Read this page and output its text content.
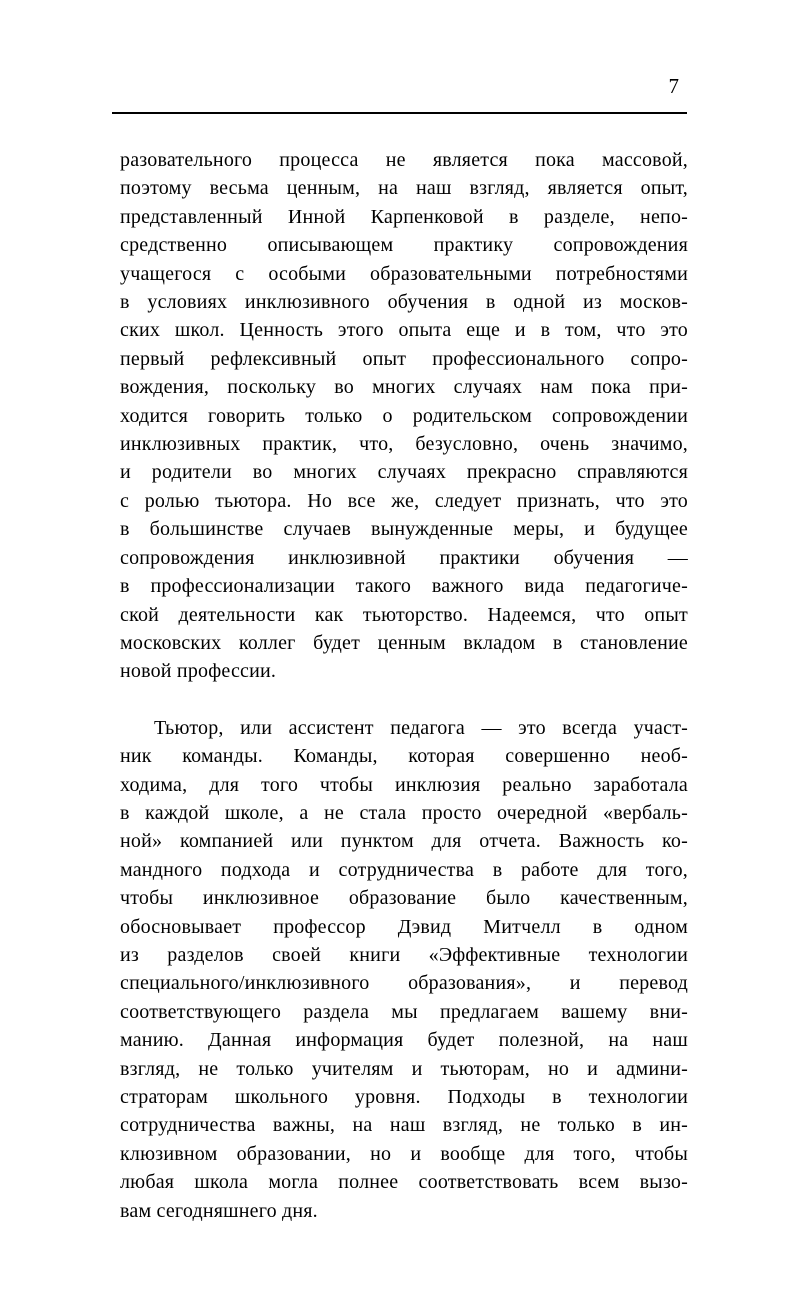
7
разовательного процесса не является пока массовой,
поэтому весьма ценным, на наш взгляд, является опыт,
представленный Инной Карпенковой в разделе, непо-
средственно описывающем практику сопровождения
учащегося с особыми образовательными потребностями
в условиях инклюзивного обучения в одной из москов-
ских школ. Ценность этого опыта еще и в том, что это
первый рефлексивный опыт профессионального сопро-
вождения, поскольку во многих случаях нам пока при-
ходится говорить только о родительском сопровождении
инклюзивных практик, что, безусловно, очень значимо,
и родители во многих случаях прекрасно справляются
с ролью тьютора. Но все же, следует признать, что это
в большинстве случаев вынужденные меры, и будущее
сопровождения инклюзивной практики обучения —
в профессионализации такого важного вида педагогиче-
ской деятельности как тьюторство. Надеемся, что опыт
московских коллег будет ценным вкладом в становление
новой профессии.
Тьютор, или ассистент педагога — это всегда участ-
ник команды. Команды, которая совершенно необ-
ходима, для того чтобы инклюзия реально заработала
в каждой школе, а не стала просто очередной «вербаль-
ной» компанией или пунктом для отчета. Важность ко-
мандного подхода и сотрудничества в работе для того,
чтобы инклюзивное образование было качественным,
обосновывает профессор Дэвид Митчелл в одном
из разделов своей книги «Эффективные технологии
специального/инклюзивного образования», и перевод
соответствующего раздела мы предлагаем вашему вни-
манию. Данная информация будет полезной, на наш
взгляд, не только учителям и тьюторам, но и админи-
страторам школьного уровня. Подходы в технологии
сотрудничества важны, на наш взгляд, не только в ин-
клюзивном образовании, но и вообще для того, чтобы
любая школа могла полнее соответствовать всем вызо-
вам сегодняшнего дня.
